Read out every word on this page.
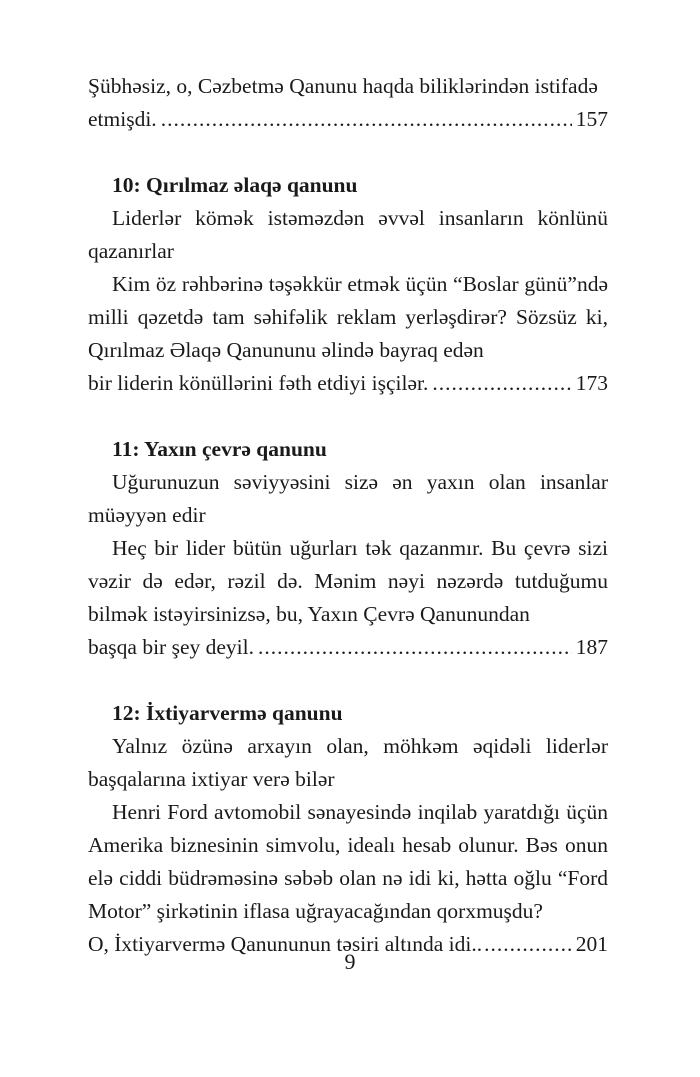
Şübhəsiz, o, Cəzbetmə Qanunu haqda biliklərindən istifadə

etmişdi. .....	157

10: Qırılmaz əlaqə qanunu

Liderlər kömək istəməzdən əvvəl insanların könlünü qazanırlar

Kim öz rəhbərinə təşəkkür etmək üçün “Boslar günü”ndə milli qəzetdə tam səhifəlik reklam yerləşdirər? Sözsüz ki, Qırılmaz Əlaqə Qanununu əlində bayraq edən

bir liderin könüllərini fəth etdiyi işçilər. .....	173

11: Yaxın çevrə qanunu

Uğurunuzun səviyyəsini sizə ən yaxın olan insanlar müəyyən edir

Heç bir lider bütün uğurları tək qazanmır. Bu çevrə sizi vəzir də edər, rəzil də. Mənim nəyi nəzərdə tutduğumu bilmək istəyirsinizsə, bu, Yaxın Çevrə Qanunundan

başqa bir şey deyil. .....	187

12: İxtiyarvermə qanunu

Yalnız özünə arxayın olan, möhkəm əqidəli liderlər başqalarına ixtiyar verə bilər

Henri Ford avtomobil sənayesində inqilab yaratdığı üçün Amerika biznesinin simvolu, idealı hesab olunur. Bəs onun elə ciddi büdrəməsinə səbəb olan nə idi ki, hətta oğlu “Ford Motor” şirkətinin iflasa uğrayacağından qorxmuşdu?

O, İxtiyarvermə Qanununun təsiri altında idi.. .....	201
9
